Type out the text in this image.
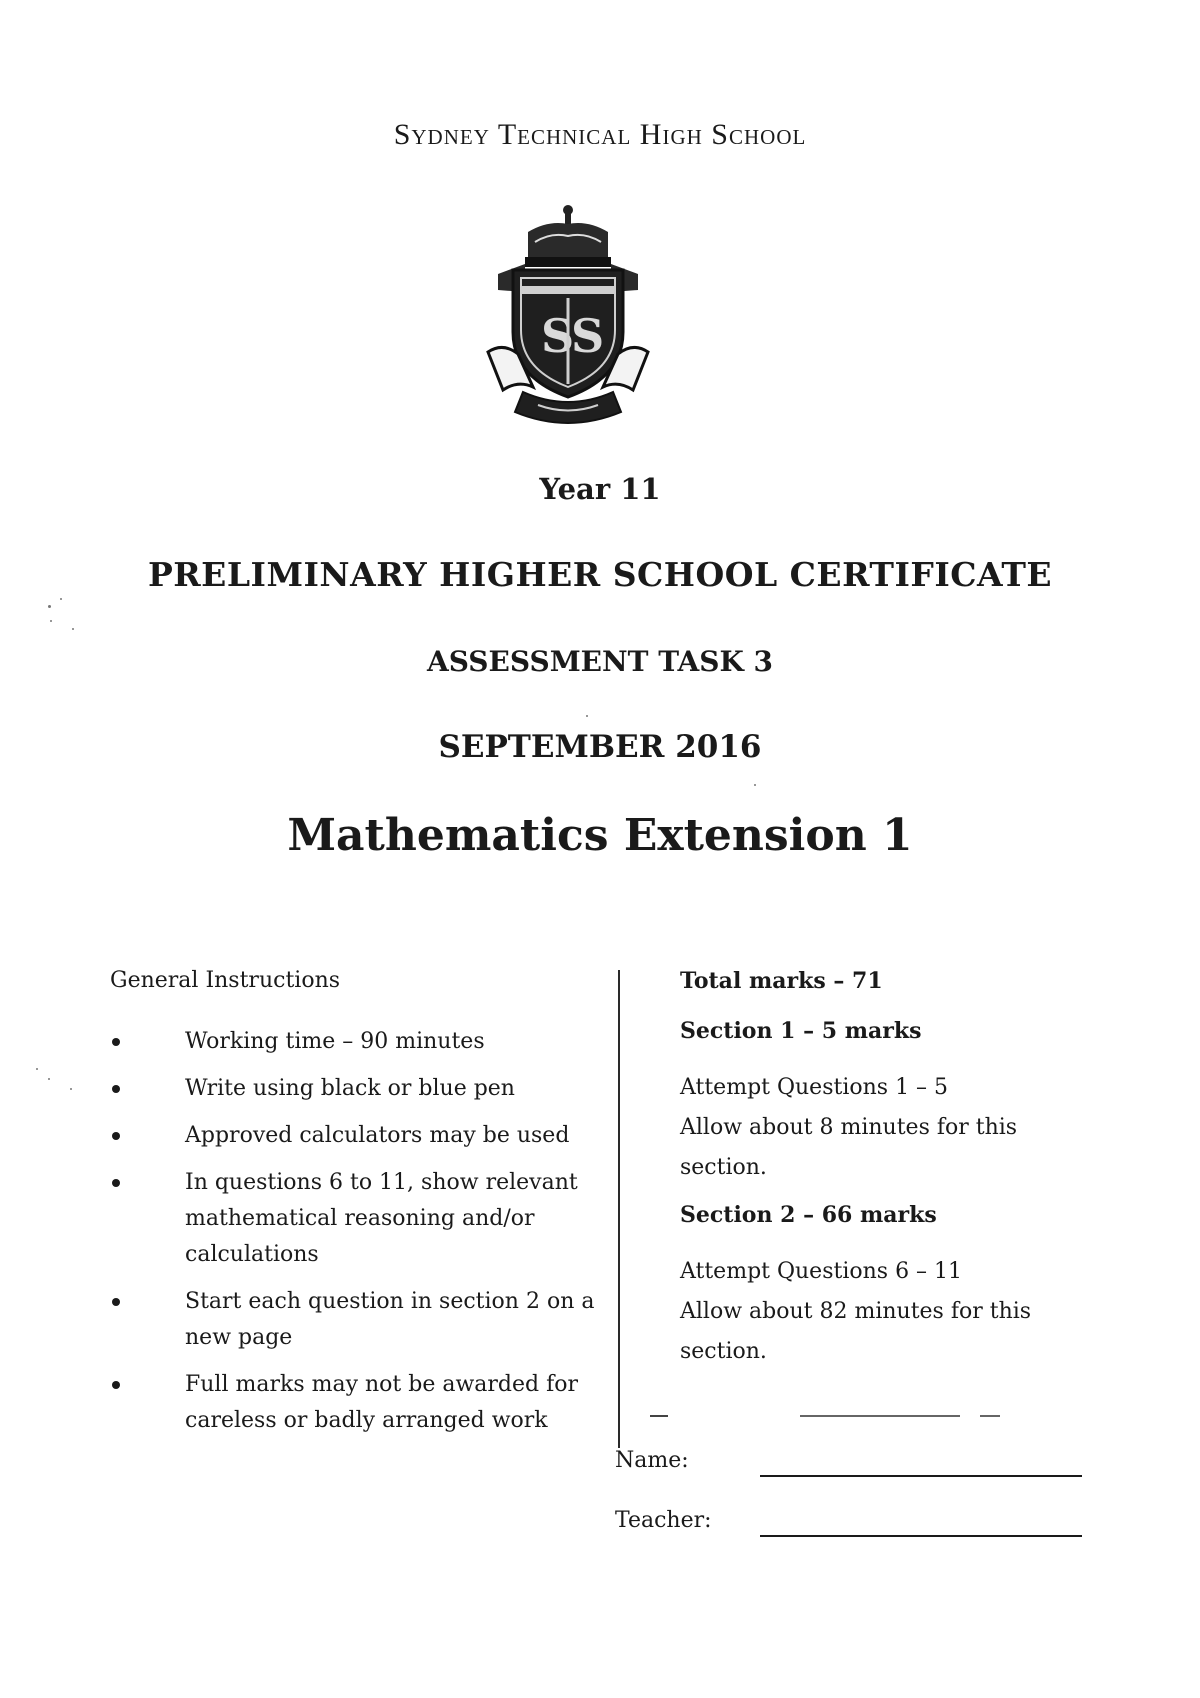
Sydney Technical High School
S
S
Year 11
PRELIMINARY HIGHER SCHOOL CERTIFICATE
ASSESSMENT TASK 3
SEPTEMBER 2016
Mathematics Extension 1
General Instructions
Working time – 90 minutes
Write using black or blue pen
Approved calculators may be used
In questions 6 to 11, show relevant mathematical reasoning and/or calculations
Start each question in section 2 on a new page
Full marks may not be awarded for careless or badly arranged work
Total marks – 71
Section 1 – 5 marks
Attempt Questions 1 – 5
Allow about 8 minutes for this section.
Section 2 – 66 marks
Attempt Questions 6 – 11
Allow about 82 minutes for this section.
Name:
Teacher:
